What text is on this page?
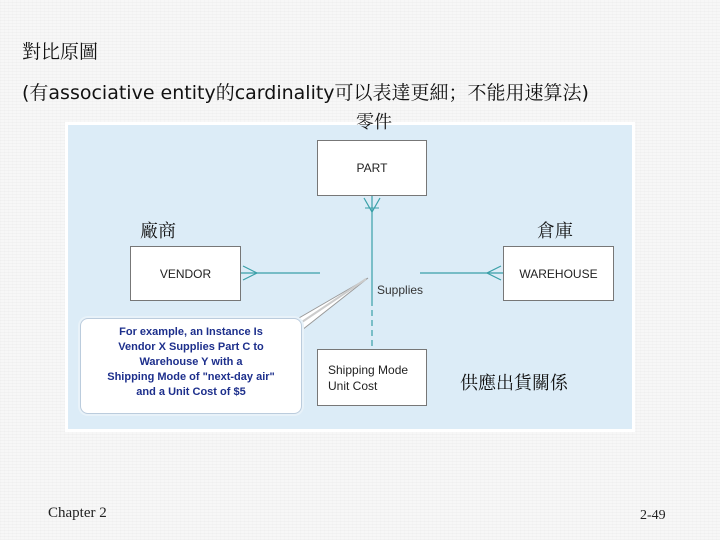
對比原圖
(有associative entity的cardinality可以表達更細；不能用速算法)
PART
VENDOR	WAREHOUSE
Shipping Mode
Unit Cost
Supplies
For example, an Instance Is
Vendor X Supplies Part C to
Warehouse Y with a
Shipping Mode of "next-day air"
and a Unit Cost of $5
零件
廠商	倉庫
供應出貨關係
Chapter 2	2-49
